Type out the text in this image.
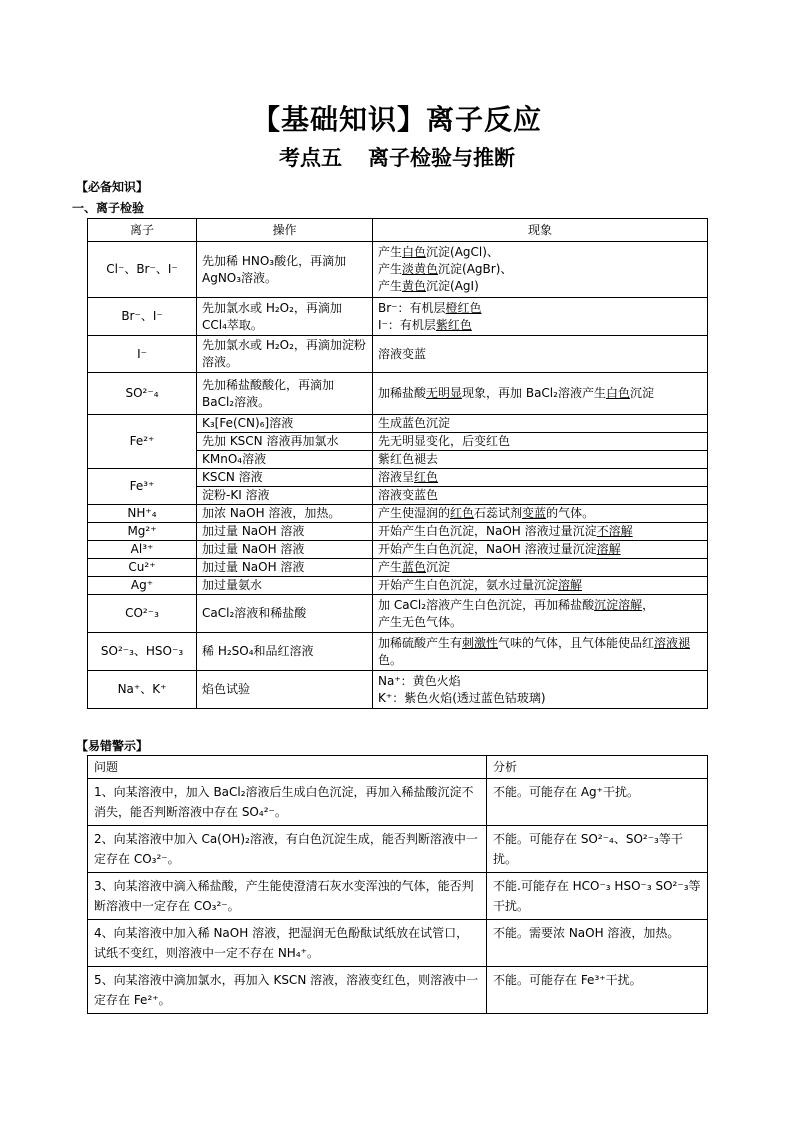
【基础知识】离子反应
考点五 离子检验与推断
【必备知识】
一、离子检验
离子	操作	现象
Cl⁻、Br⁻、I⁻	先加稀 HNO₃酸化，再滴加 AgNO₃溶液。	产生白色沉淀(AgCl)、
产生淡黄色沉淀(AgBr)、
产生黄色沉淀(AgI)

Br⁻、I⁻	先加氯水或 H₂O₂，再滴加 CCl₄萃取。	Br⁻：有机层橙红色
I⁻：有机层紫红色

I⁻	先加氯水或 H₂O₂，再滴加淀粉溶液。	溶液变蓝
SO²⁻₄	先加稀盐酸酸化，再滴加 BaCl₂溶液。	加稀盐酸无明显现象，再加 BaCl₂溶液产生白色沉淀
Fe²⁺	K₃[Fe(CN)₆]溶液	生成蓝色沉淀
	先加 KSCN 溶液再加氯水	先无明显变化，后变红色
	KMnO₄溶液	紫红色褪去
Fe³⁺	KSCN 溶液	溶液呈红色
	淀粉-KI 溶液	溶液变蓝色
NH⁺₄	加浓 NaOH 溶液，加热。	产生使湿润的红色石蕊试剂变蓝的气体。
Mg²⁺	加过量 NaOH 溶液	开始产生白色沉淀，NaOH 溶液过量沉淀不溶解
Al³⁺	加过量 NaOH 溶液	开始产生白色沉淀，NaOH 溶液过量沉淀溶解
Cu²⁺	加过量 NaOH 溶液	产生蓝色沉淀
Ag⁺	加过量氨水	开始产生白色沉淀，氨水过量沉淀溶解
CO²⁻₃	CaCl₂溶液和稀盐酸	加 CaCl₂溶液产生白色沉淀，再加稀盐酸沉淀溶解，
产生无色气体。

SO²⁻₃、HSO⁻₃	稀 H₂SO₄和品红溶液	加稀硫酸产生有刺激性气味的气体，且气体能使品红溶液褪色。
Na⁺、K⁺	焰色试验	Na⁺：黄色火焰
K⁺：紫色火焰(透过蓝色钴玻璃)
【易错警示】
问题	分析
1、向某溶液中，加入 BaCl₂溶液后生成白色沉淀，再加入稀盐酸沉淀不消失，能否判断溶液中存在 SO₄²⁻。	不能。可能存在 Ag⁺干扰。
2、向某溶液中加入 Ca(OH)₂溶液，有白色沉淀生成，能否判断溶液中一定存在 CO₃²⁻。	不能。可能存在 SO²⁻₄、SO²⁻₃等干扰。
3、向某溶液中滴入稀盐酸，产生能使澄清石灰水变浑浊的气体，能否判断溶液中一定存在 CO₃²⁻。	不能.可能存在 HCO⁻₃ HSO⁻₃ SO²⁻₃等干扰。
4、向某溶液中加入稀 NaOH 溶液，把湿润无色酚酞试纸放在试管口，试纸不变红，则溶液中一定不存在 NH₄⁺。	不能。需要浓 NaOH 溶液，加热。
5、向某溶液中滴加氯水，再加入 KSCN 溶液，溶液变红色，则溶液中一定存在 Fe²⁺。	不能。可能存在 Fe³⁺干扰。
